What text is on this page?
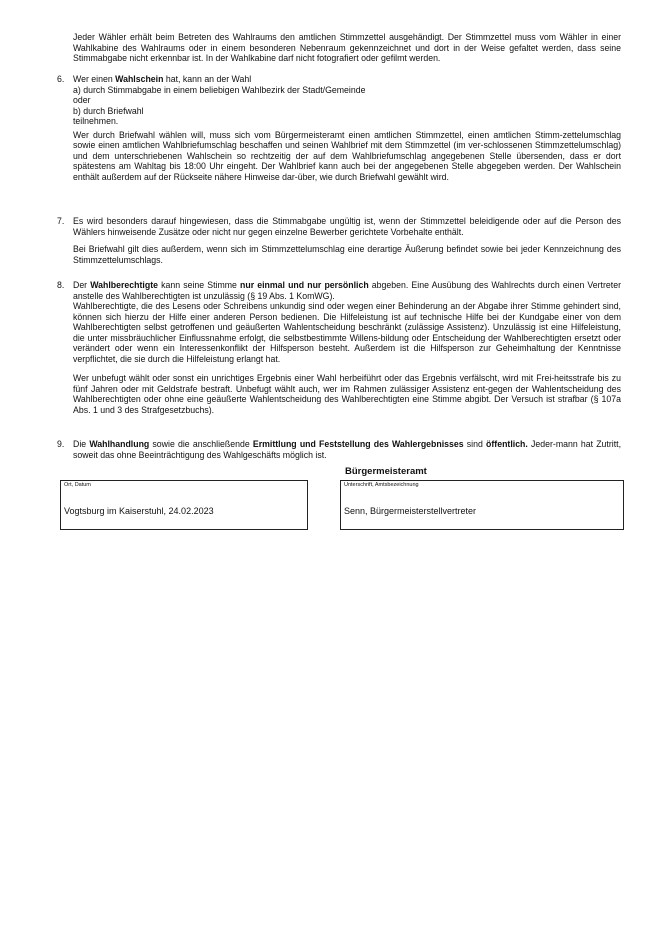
Jeder Wähler erhält beim Betreten des Wahlraums den amtlichen Stimmzettel ausgehändigt. Der Stimmzettel muss vom Wähler in einer Wahlkabine des Wahlraums oder in einem besonderen Nebenraum gekennzeichnet und dort in der Weise gefaltet werden, dass seine Stimmabgabe nicht erkennbar ist. In der Wahlkabine darf nicht fotografiert oder gefilmt werden.

6. Wer einen Wahlschein hat, kann an der Wahl

a) durch Stimmabgabe in einem beliebigen Wahlbezirk der Stadt/Gemeinde

oder

b) durch Briefwahl

teilnehmen.

Wer durch Briefwahl wählen will, muss sich vom Bürgermeisteramt einen amtlichen Stimmzettel, einen amtlichen Stimm-zettelumschlag sowie einen amtlichen Wahlbriefumschlag beschaffen und seinen Wahlbrief mit dem Stimmzettel (im ver-schlossenen Stimmzettelumschlag) und dem unterschriebenen Wahlschein so rechtzeitig der auf dem Wahlbriefumschlag angegebenen Stelle übersenden, dass er dort spätestens am Wahltag bis 18:00 Uhr eingeht. Der Wahlbrief kann auch bei der angegebenen Stelle abgegeben werden. Der Wahlschein enthält außerdem auf der Rückseite nähere Hinweise dar-über, wie durch Briefwahl gewählt wird.

7. Es wird besonders darauf hingewiesen, dass die Stimmabgabe ungültig ist, wenn der Stimmzettel beleidigende oder auf die Person des Wählers hinweisende Zusätze oder nicht nur gegen einzelne Bewerber gerichtete Vorbehalte enthält.

Bei Briefwahl gilt dies außerdem, wenn sich im Stimmzettelumschlag eine derartige Äußerung befindet sowie bei jeder Kennzeichnung des Stimmzettelumschlags.

8. Der Wahlberechtigte kann seine Stimme nur einmal und nur persönlich abgeben. Eine Ausübung des Wahlrechts durch einen Vertreter anstelle des Wahlberechtigten ist unzulässig (§ 19 Abs. 1 KomWG).

Wahlberechtigte, die des Lesens oder Schreibens unkundig sind oder wegen einer Behinderung an der Abgabe ihrer Stimme gehindert sind, können sich hierzu der Hilfe einer anderen Person bedienen. Die Hilfeleistung ist auf technische Hilfe bei der Kundgabe einer von dem Wahlberechtigten selbst getroffenen und geäußerten Wahlentscheidung beschränkt (zulässige Assistenz). Unzulässig ist eine Hilfeleistung, die unter missbräuchlicher Einflussnahme erfolgt, die selbstbestimmte Willens-bildung oder Entscheidung der Wahlberechtigten ersetzt oder verändert oder wenn ein Interessenkonflikt der Hilfsperson besteht. Außerdem ist die Hilfsperson zur Geheimhaltung der Kenntnisse verpflichtet, die sie durch die Hilfeleistung erlangt hat.

Wer unbefugt wählt oder sonst ein unrichtiges Ergebnis einer Wahl herbeiführt oder das Ergebnis verfälscht, wird mit Frei-heitsstrafe bis zu fünf Jahren oder mit Geldstrafe bestraft. Unbefugt wählt auch, wer im Rahmen zulässiger Assistenz ent-gegen der Wahlentscheidung des Wahlberechtigten oder ohne eine geäußerte Wahlentscheidung des Wahlberechtigten eine Stimme abgibt. Der Versuch ist strafbar (§ 107a Abs. 1 und 3 des Strafgesetzbuchs).

9. Die Wahlhandlung sowie die anschließende Ermittlung und Feststellung des Wahlergebnisses sind öffentlich. Jeder-mann hat Zutritt, soweit das ohne Beeinträchtigung des Wahlgeschäfts möglich ist.

Bürgermeisteramt
Ort, Datum
Vogtsburg im Kaiserstuhl, 24.02.2023
Unterschrift, Amtsbezeichnung
Senn, Bürgermeisterstellvertreter
